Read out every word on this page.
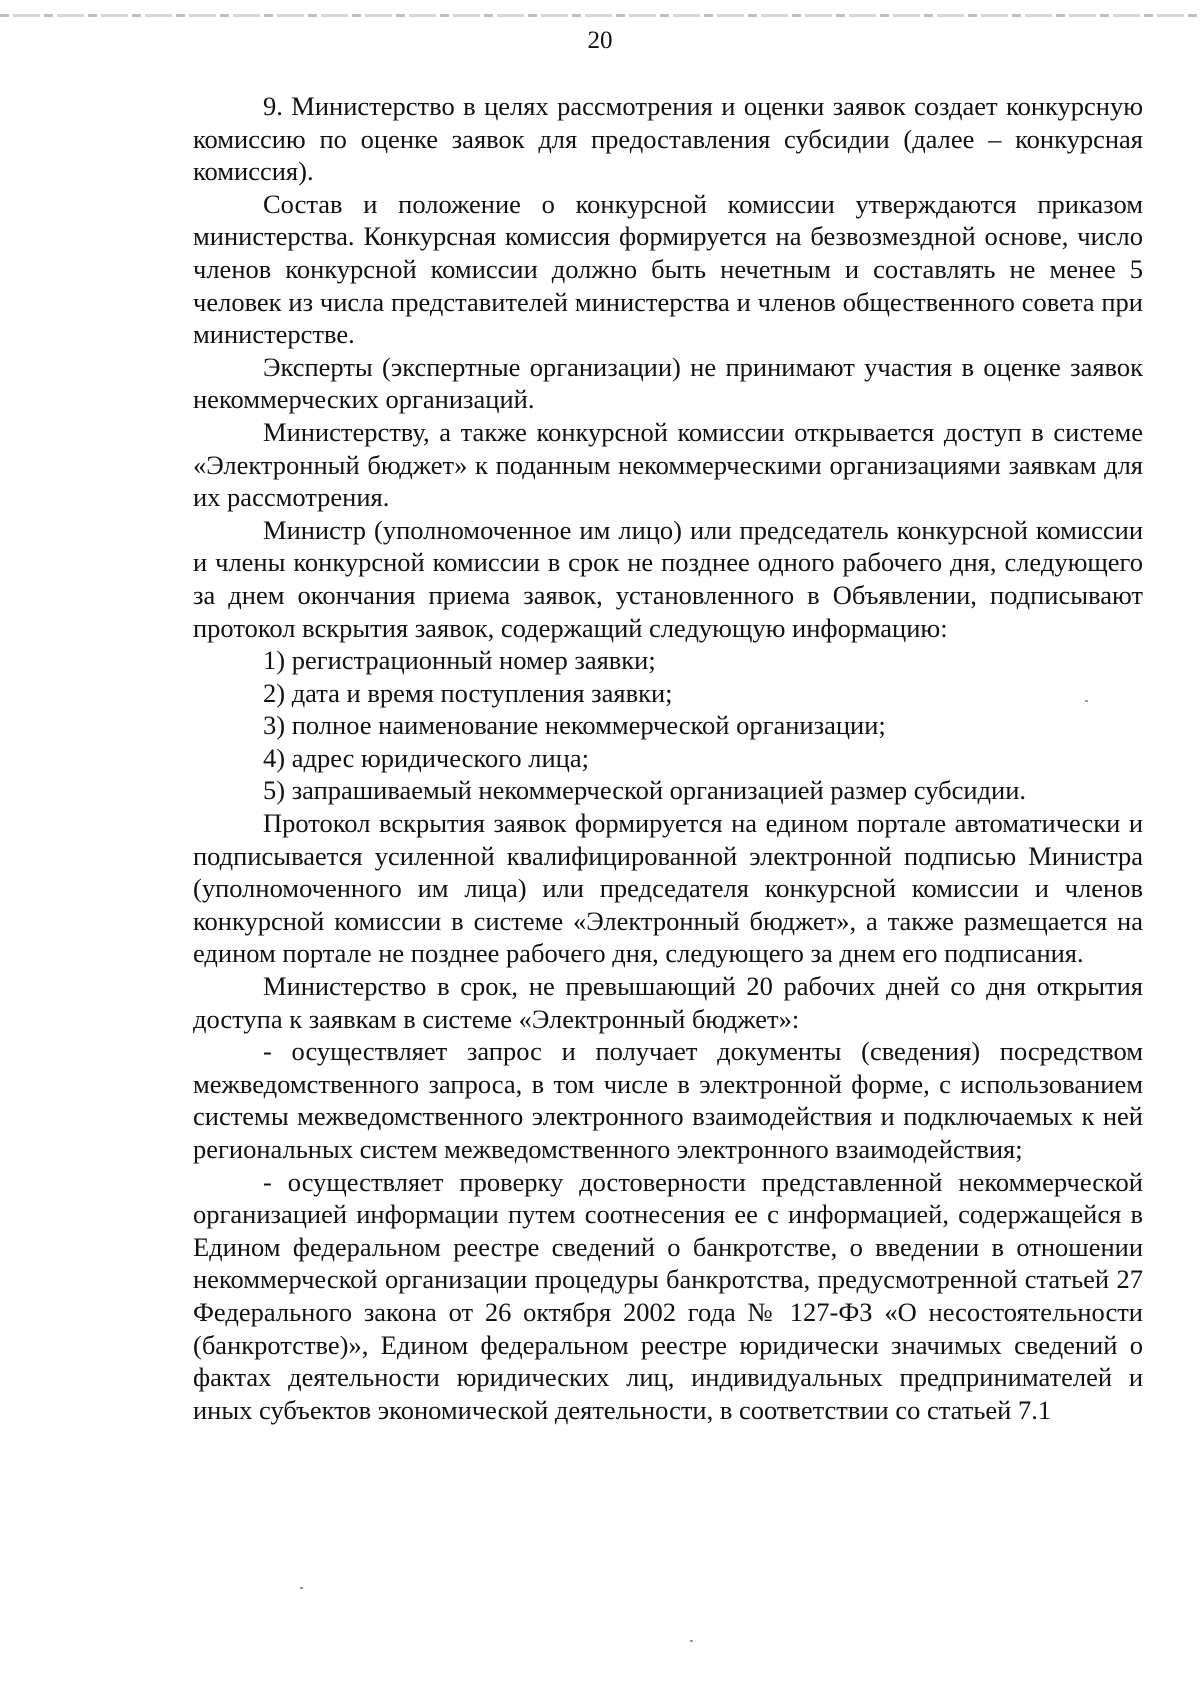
20

9. Министерство в целях рассмотрения и оценки заявок создает конкурсную комиссию по оценке заявок для предоставления субсидии (далее – конкурсная комиссия).

Состав и положение о конкурсной комиссии утверждаются приказом министерства. Конкурсная комиссия формируется на безвозмездной основе, число членов конкурсной комиссии должно быть нечетным и составлять не менее 5 человек из числа представителей министерства и членов общественного совета при министерстве.

Эксперты (экспертные организации) не принимают участия в оценке заявок некоммерческих организаций.

Министерству, а также конкурсной комиссии открывается доступ в системе «Электронный бюджет» к поданным некоммерческими организациями заявкам для их рассмотрения.

Министр (уполномоченное им лицо) или председатель конкурсной комиссии и члены конкурсной комиссии в срок не позднее одного рабочего дня, следующего за днем окончания приема заявок, установленного в Объявлении, подписывают протокол вскрытия заявок, содержащий следующую информацию:

1) регистрационный номер заявки;

2) дата и время поступления заявки;

3) полное наименование некоммерческой организации;

4) адрес юридического лица;

5) запрашиваемый некоммерческой организацией размер субсидии.

Протокол вскрытия заявок формируется на едином портале автоматически и подписывается усиленной квалифицированной электронной подписью Министра (уполномоченного им лица) или председателя конкурсной комиссии и членов конкурсной комиссии в системе «Электронный бюджет», а также размещается на едином портале не позднее рабочего дня, следующего за днем его подписания.

Министерство в срок, не превышающий 20 рабочих дней со дня открытия доступа к заявкам в системе «Электронный бюджет»:

- осуществляет запрос и получает документы (сведения) посредством межведомственного запроса, в том числе в электронной форме, с использованием системы межведомственного электронного взаимодействия и подключаемых к ней региональных систем межведомственного электронного взаимодействия;

- осуществляет проверку достоверности представленной некоммерческой организацией информации путем соотнесения ее с информацией, содержащейся в Едином федеральном реестре сведений о банкротстве, о введении в отношении некоммерческой организации процедуры банкротства, предусмотренной статьей 27 Федерального закона от 26 октября 2002 года № 127-ФЗ «О несостоятельности (банкротстве)», Едином федеральном реестре юридически значимых сведений о фактах деятельности юридических лиц, индивидуальных предпринимателей и иных субъектов экономической деятельности, в соответствии со статьей 7.1
